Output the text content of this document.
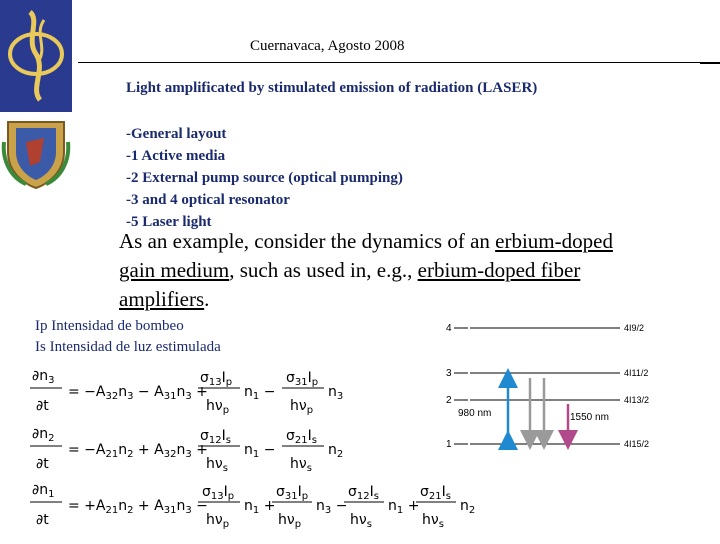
Cuernavaca, Agosto 2008
Light amplificated by stimulated emission of radiation (LASER)
-General layout
-1 Active media
-2 External pump source (optical pumping)
-3 and 4 optical resonator
-5 Laser light
As an example, consider the dynamics of an erbium-doped gain medium, such as used in, e.g., erbium-doped fiber amplifiers.
Ip Intensidad de bombeo
Is Intensidad de luz estimulada
4
3
2
1
4I9/2
4I11/2
4I13/2
4I15/2
980 nm	1550 nm
$\partial n_3$
∂t
= $-A_{32}n_3 - A_{31}n_3$ +
$\sigma_{13}I_p$
$h\nu_p$
$n_1$ −
$\sigma_{31}I_p$
$h\nu_p$
$n_3$
$\partial n_2$
∂t
= $-A_{21}n_2 + A_{32}n_3$ +
$\sigma_{12}I_s$
$h\nu_s$
$n_1$ −
$\sigma_{21}I_s$
$h\nu_s$
$n_2$
$\partial n_1$
∂t
= $+A_{21}n_2 + A_{31}n_3$ −
$\sigma_{13}I_p$
$h\nu_p$
$n_1$ +
$\sigma_{31}I_p$
$h\nu_p$
$n_3$ −
$\sigma_{12}I_s$
$h\nu_s$
$n_1$ +
$\sigma_{21}I_s$
$h\nu_s$
$n_2$
